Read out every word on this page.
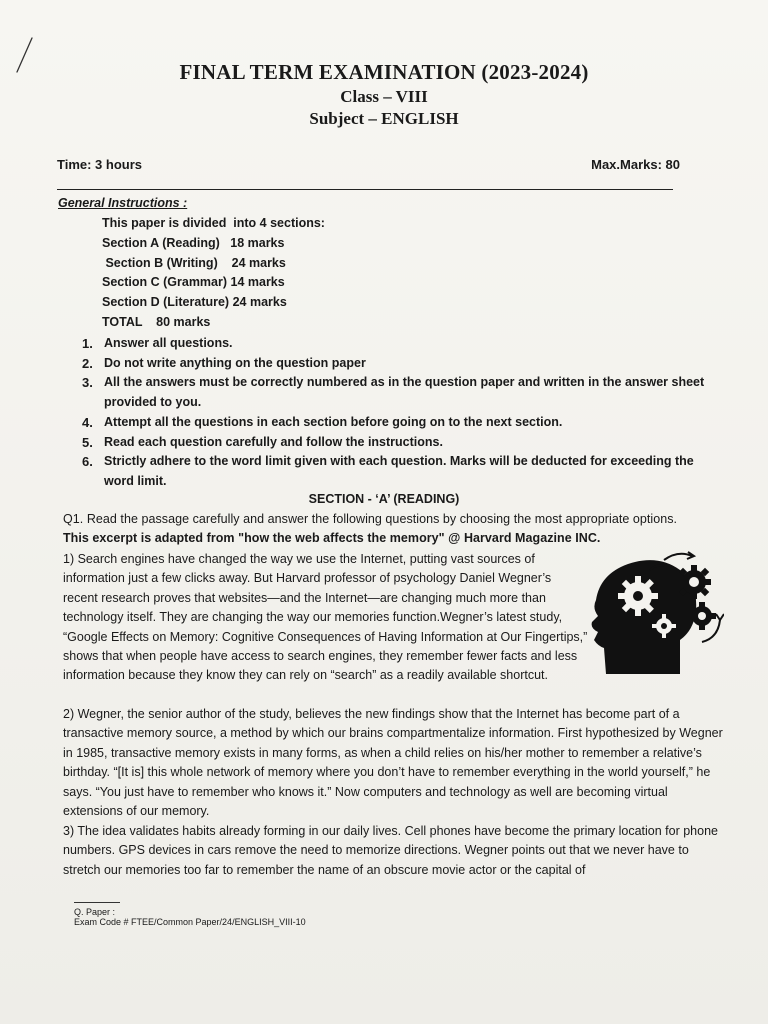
FINAL TERM EXAMINATION (2023-2024)
Class – VIII
Subject – ENGLISH
Time: 3 hours	Max.Marks: 80
General Instructions :
This paper is divided  into 4 sections:
Section A (Reading)   18 marks
Section B (Writing)    24 marks
Section C (Grammar) 14 marks
Section D (Literature) 24 marks
TOTAL    80 marks
1. Answer all questions.
2. Do not write anything on the question paper
3. All the answers must be correctly numbered as in the question paper and written in the answer sheet provided to you.
4. Attempt all the questions in each section before going on to the next section.
5. Read each question carefully and follow the instructions.
6. Strictly adhere to the word limit given with each question. Marks will be deducted for exceeding the word limit.
SECTION - ‘A’ (READING)
Q1. Read the passage carefully and answer the following questions by choosing the most appropriate options.
This excerpt is adapted from "how the web affects the memory" @ Harvard Magazine INC.
1) Search engines have changed the way we use the Internet, putting vast sources of information just a few clicks away. But Harvard professor of psychology Daniel Wegner’s recent research proves that websites—and the Internet—are changing much more than technology itself. They are changing the way our memories function.Wegner’s latest study, “Google Effects on Memory: Cognitive Consequences of Having Information at Our Fingertips,” shows that when people have access to search engines, they remember fewer facts and less information because they know they can rely on “search” as a readily available shortcut.
2) Wegner, the senior author of the study, believes the new findings show that the Internet has become part of a transactive memory source, a method by which our brains compartmentalize information. First hypothesized by Wegner in 1985, transactive memory exists in many forms, as when a child relies on his/her mother to remember a relative’s birthday. “[It is] this whole network of memory where you don’t have to remember everything in the world yourself,” he says. “You just have to remember who knows it.” Now computers and technology as well are becoming virtual extensions of our memory.
3) The idea validates habits already forming in our daily lives. Cell phones have become the primary location for phone numbers. GPS devices in cars remove the need to memorize directions. Wegner points out that we never have to stretch our memories too far to remember the name of an obscure movie actor or the capital of
Q. Paper :
Exam Code # FTEE/Common Paper/24/ENGLISH_VIII-10
